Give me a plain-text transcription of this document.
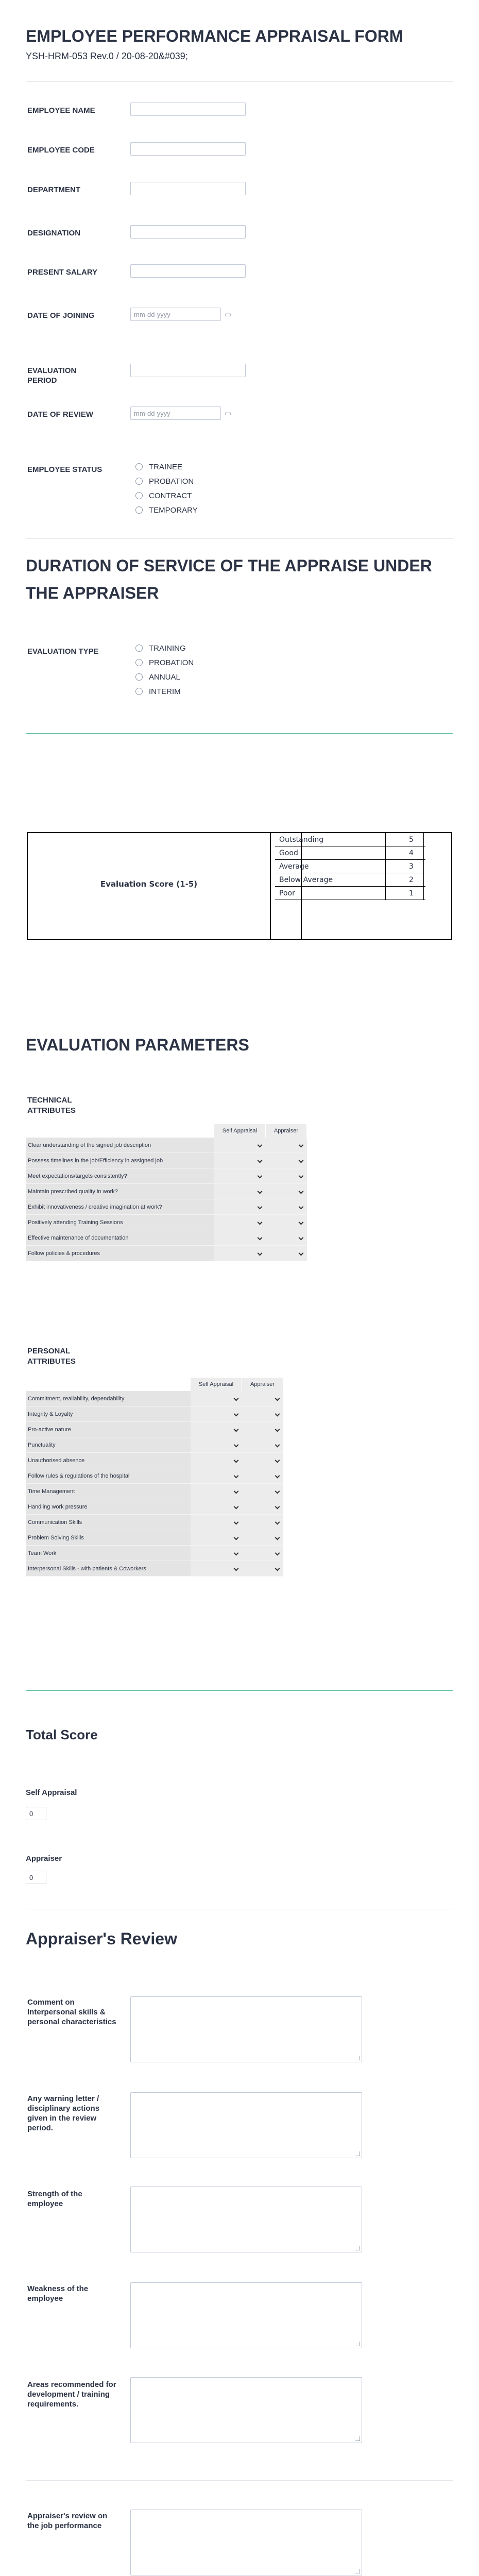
EMPLOYEE PERFORMANCE APPRAISAL FORM
YSH-HRM-053 Rev.0 / 20-08-20&#039;
EMPLOYEE NAME
EMPLOYEE CODE
DEPARTMENT
DESIGNATION
PRESENT SALARY
DATE OF JOINING	mm-dd-yyyy	▭
EVALUATION PERIOD
DATE OF REVIEW	mm-dd-yyyy	▭
EMPLOYEE STATUS	TRAINEE
PROBATION
CONTRACT
TEMPORARY
DURATION OF SERVICE OF THE APPRAISE UNDER
THE APPRAISER
EVALUATION TYPE	TRAINING
PROBATION
ANNUAL
INTERIM
Evaluation Score (1-5)
Outstanding	5
Good	4
Average	3
Below Average	2
Poor	1
EVALUATION PARAMETERS
TECHNICAL
ATTRIBUTES
	Self Appraisal	Appraiser
Clear understanding of the signed job description	

Possess timelines in the job/Efficiency in assigned job	

Meet expectations/targets consistently?	

Maintain prescribed quality in work?	

Exhibit innovativeness / creative imagination at work?	

Positively attending Training Sessions	

Effective maintenance of documentation	

Follow policies & procedures	

PERSONAL
ATTRIBUTES
	Self Appraisal	Appraiser
Commitment, realiability, dependability	

Integrity & Loyalty	

Pro-active nature	

Punctuality	

Unauthorised absence	

Follow rules & regulations of the hospital	

Time Management	

Handling work pressure	

Communication Skills	

Problem Solving Skills	

Team Work	

Interpersonal Skills - with patients & Coworkers	

Total Score
Self Appraisal
0
Appraiser
0
Appraiser's Review
Comment on Interpersonal skills & personal characteristics
Any warning letter / disciplinary actions given in the review period.
Strength of the employee
Weakness of the employee
Areas recommended for development / training requirements.
Appraiser's review on the job performance
